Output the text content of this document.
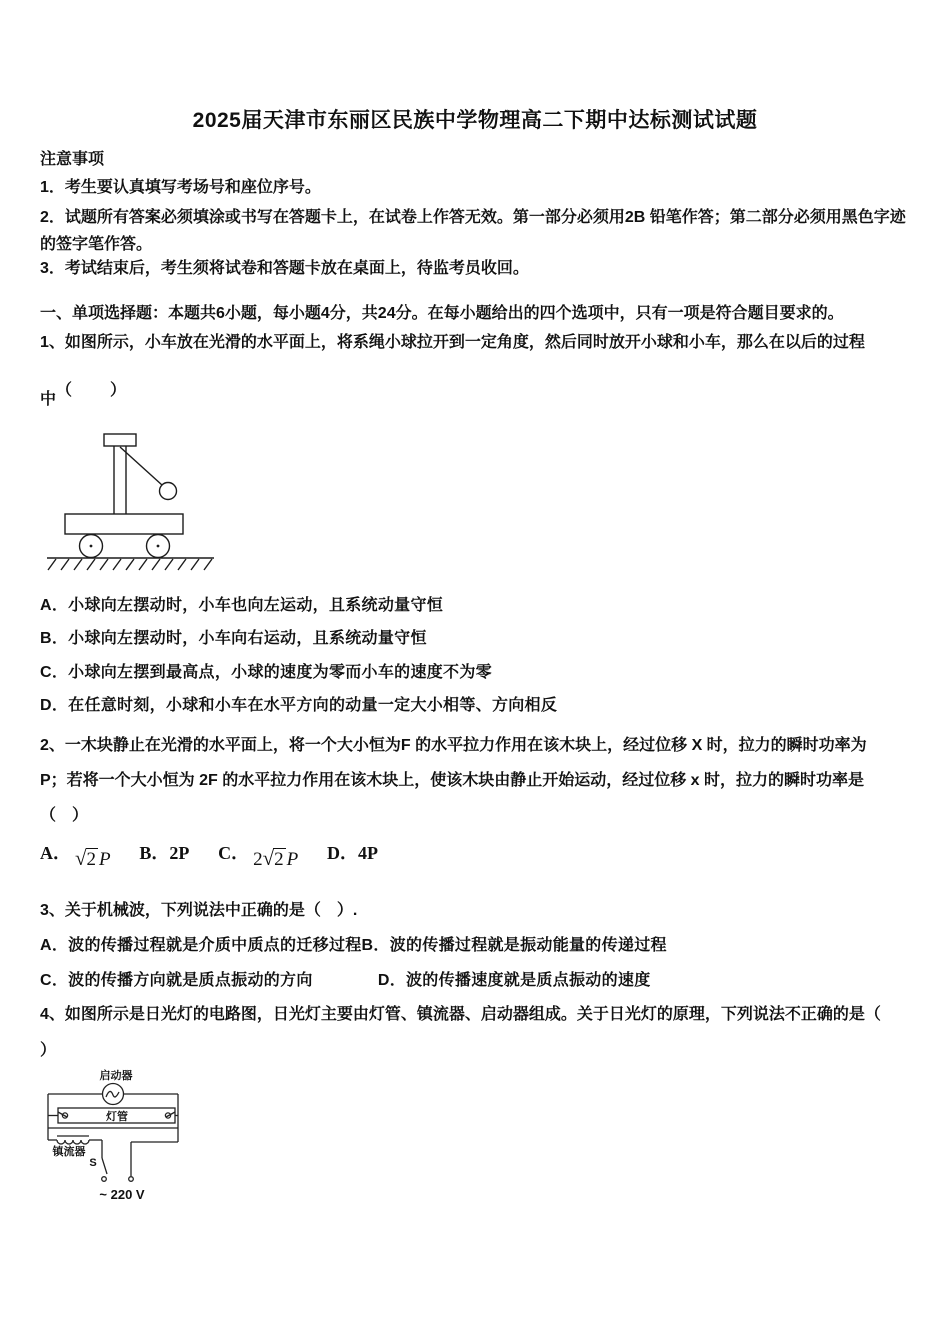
2025届天津市东丽区民族中学物理高二下期中达标测试试题
注意事项
1．考生要认真填写考场号和座位序号。
2．试题所有答案必须填涂或书写在答题卡上，在试卷上作答无效。第一部分必须用2B 铅笔作答；第二部分必须用黑色字迹的签字笔作答。
3．考试结束后，考生须将试卷和答题卡放在桌面上，待监考员收回。
一、单项选择题：本题共6小题，每小题4分，共24分。在每小题给出的四个选项中，只有一项是符合题目要求的。
1、如图所示，小车放在光滑的水平面上，将系绳小球拉开到一定角度，然后同时放开小球和小车，那么在以后的过程
中（　　）
A．小球向左摆动时，小车也向左运动，且系统动量守恒
B．小球向左摆动时，小车向右运动，且系统动量守恒
C．小球向左摆到最高点，小球的速度为零而小车的速度不为零
D．在任意时刻，小球和小车在水平方向的动量一定大小相等、方向相反
2、一木块静止在光滑的水平面上，将一个大小恒为F 的水平拉力作用在该木块上，经过位移 X 时，拉力的瞬时功率为
P；若将一个大小恒为 2F 的水平拉力作用在该木块上，使该木块由静止开始运动，经过位移 x 时，拉力的瞬时功率是
（　）
A． √2 P B．2P C． 2√2 P D．4P
3、关于机械波，下列说法中正确的是（　）.
A．波的传播过程就是介质中质点的迁移过程B．波的传播过程就是振动能量的传递过程
C．波的传播方向就是质点振动的方向　　　　D．波的传播速度就是质点振动的速度
4、如图所示是日光灯的电路图，日光灯主要由灯管、镇流器、启动器组成。关于日光灯的原理，下列说法不正确的是（
）
启动器
灯管
镇流器
S
~ 220 V
